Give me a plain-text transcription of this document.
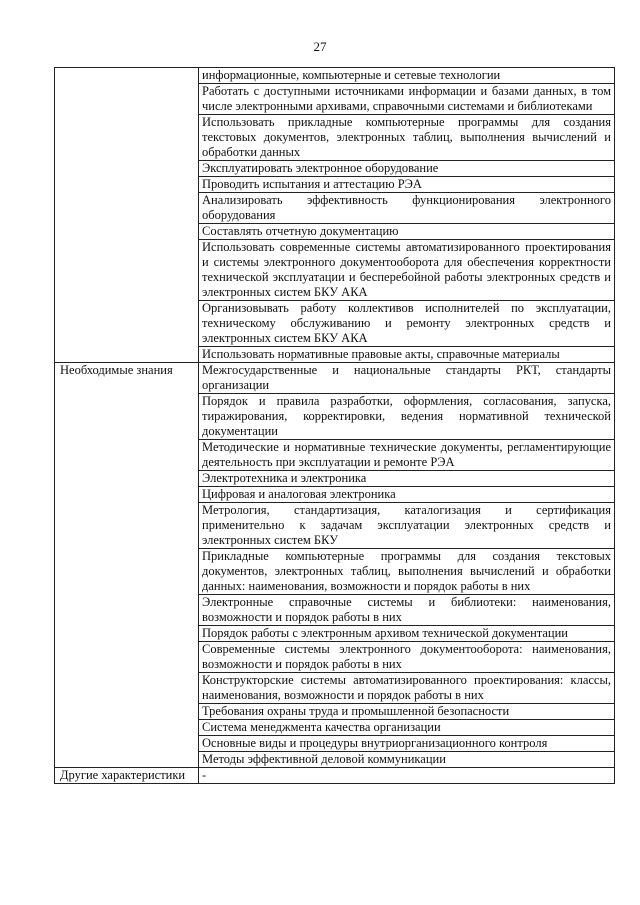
27
	информационные, компьютерные и сетевые технологии
	Работать с доступными источниками информации и базами данных, в том числе электронными архивами, справочными системами и библиотеками
	Использовать прикладные компьютерные программы для создания текстовых документов, электронных таблиц, выполнения вычислений и обработки данных
	Эксплуатировать электронное оборудование
	Проводить испытания и аттестацию РЭА
	Анализировать эффективность функционирования электронного оборудования
	Составлять отчетную документацию
	Использовать современные системы автоматизированного проектирования и системы электронного документооборота для обеспечения корректности технической эксплуатации и бесперебойной работы электронных средств и электронных систем БКУ АКА
	Организовывать работу коллективов исполнителей по эксплуатации, техническому обслуживанию и ремонту электронных средств и электронных систем БКУ АКА
	Использовать нормативные правовые акты, справочные материалы
Необходимые знания	Межгосударственные и национальные стандарты РКТ, стандарты организации
	Порядок и правила разработки, оформления, согласования, запуска, тиражирования, корректировки, ведения нормативной технической документации
	Методические и нормативные технические документы, регламентирующие деятельность при эксплуатации и ремонте РЭА
	Электротехника и электроника
	Цифровая и аналоговая электроника
	Метрология, стандартизация, каталогизация и сертификация применительно к задачам эксплуатации электронных средств и электронных систем БКУ
	Прикладные компьютерные программы для создания текстовых документов, электронных таблиц, выполнения вычислений и обработки данных: наименования, возможности и порядок работы в них
	Электронные справочные системы и библиотеки: наименования, возможности и порядок работы в них
	Порядок работы с электронным архивом технической документации
	Современные системы электронного документооборота: наименования, возможности и порядок работы в них
	Конструкторские системы автоматизированного проектирования: классы, наименования, возможности и порядок работы в них
	Требования охраны труда и промышленной безопасности
	Система менеджмента качества организации
	Основные виды и процедуры внутриорганизационного контроля
	Методы эффективной деловой коммуникации
Другие характеристики	-
